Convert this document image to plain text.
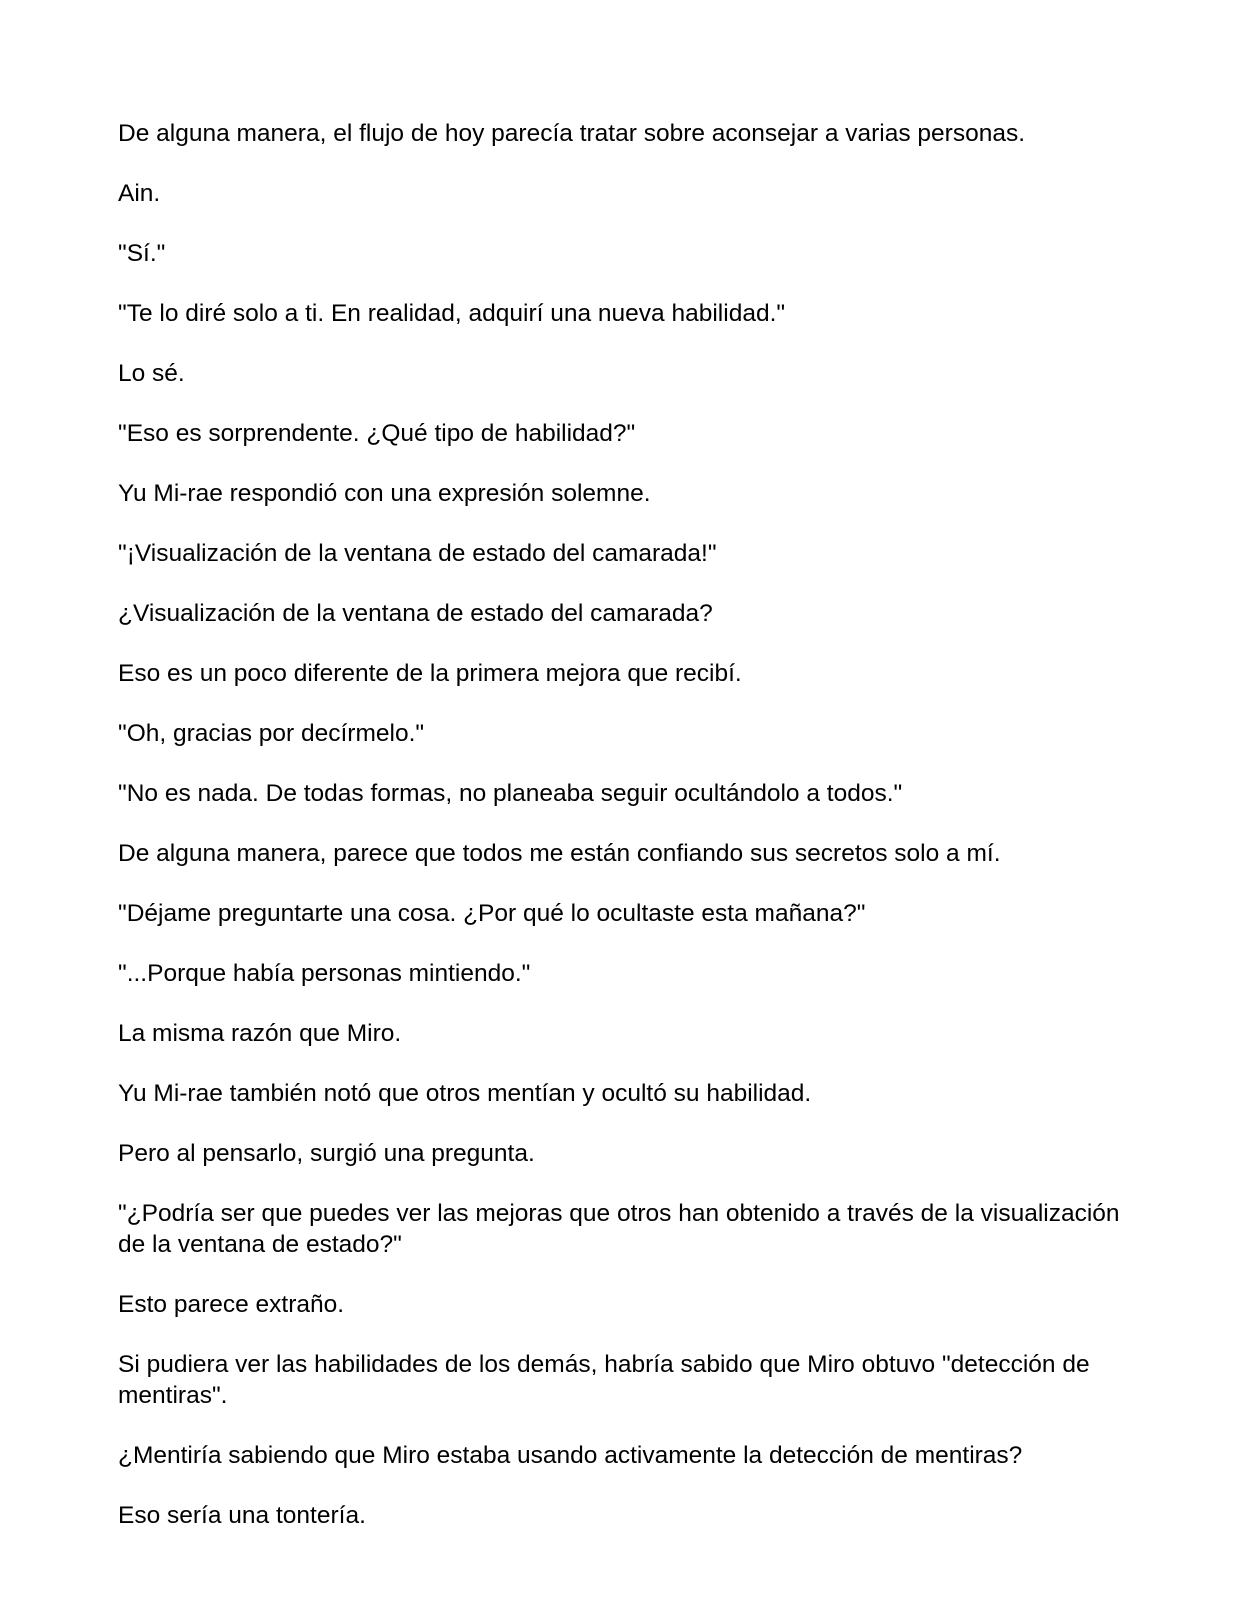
De alguna manera, el flujo de hoy parecía tratar sobre aconsejar a varias personas.

Ain.

"Sí."

"Te lo diré solo a ti. En realidad, adquirí una nueva habilidad."

Lo sé.

"Eso es sorprendente. ¿Qué tipo de habilidad?"

Yu Mi-rae respondió con una expresión solemne.

"¡Visualización de la ventana de estado del camarada!"

¿Visualización de la ventana de estado del camarada?

Eso es un poco diferente de la primera mejora que recibí.

"Oh, gracias por decírmelo."

"No es nada. De todas formas, no planeaba seguir ocultándolo a todos."

De alguna manera, parece que todos me están confiando sus secretos solo a mí.

"Déjame preguntarte una cosa. ¿Por qué lo ocultaste esta mañana?"

"...Porque había personas mintiendo."

La misma razón que Miro.

Yu Mi-rae también notó que otros mentían y ocultó su habilidad.

Pero al pensarlo, surgió una pregunta.

"¿Podría ser que puedes ver las mejoras que otros han obtenido a través de la visualización de la ventana de estado?"

Esto parece extraño.

Si pudiera ver las habilidades de los demás, habría sabido que Miro obtuvo "detección de mentiras".

¿Mentiría sabiendo que Miro estaba usando activamente la detección de mentiras?

Eso sería una tontería.
